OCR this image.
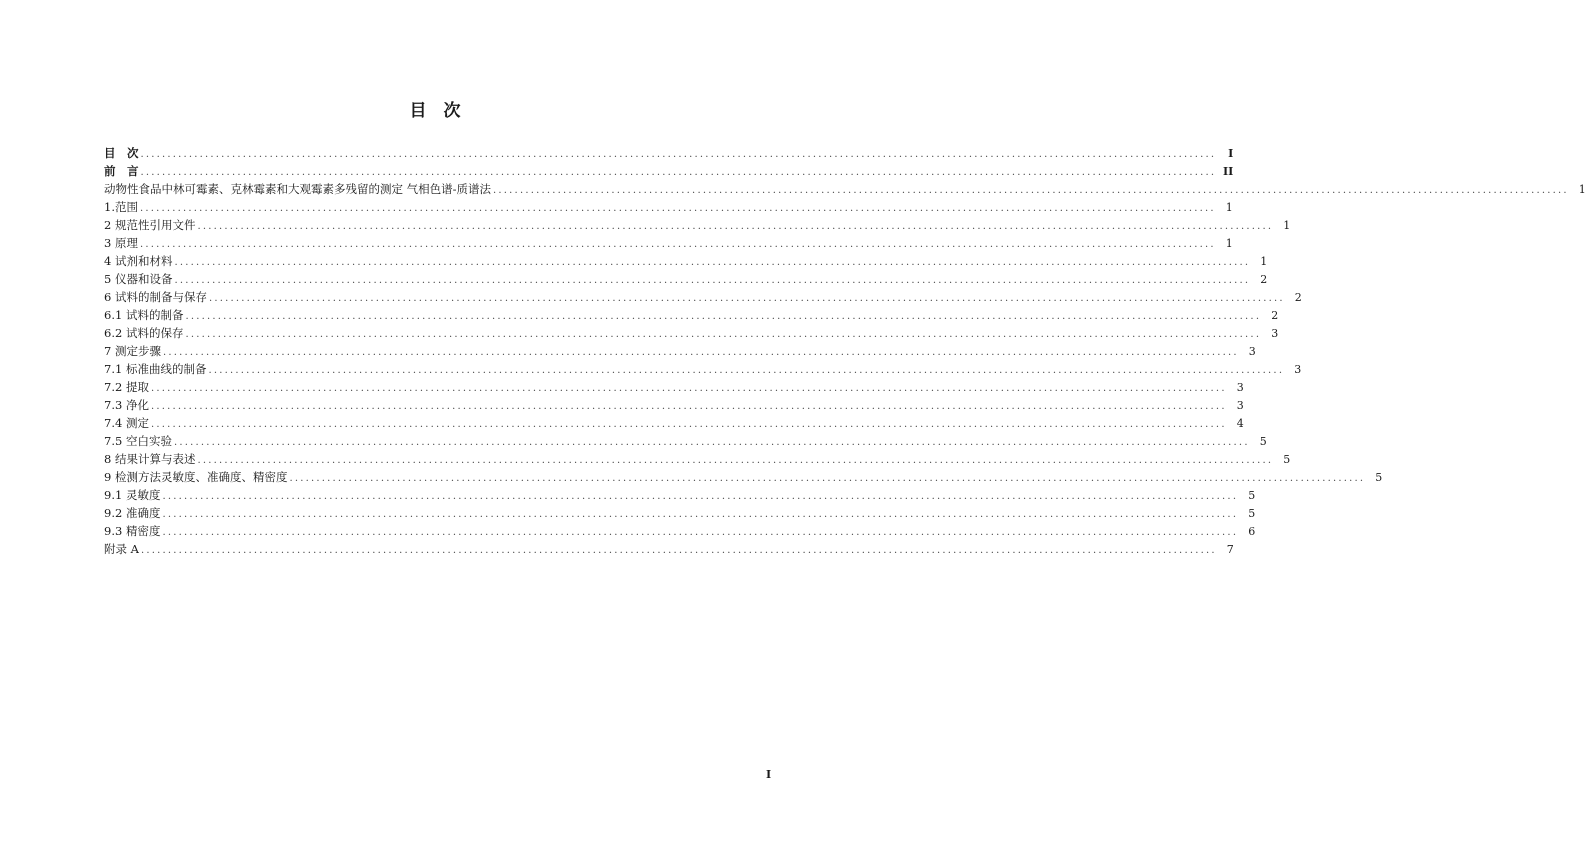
目　次
目　次 ........................................................................................................................................................................................................	I
前　言 ........................................................................................................................................................................................................ II
动物性食品中林可霉素、克林霉素和大观霉素多残留的测定 气相色谱-质谱法 ........................................................................................................................................................................................................ 1
1.范围 ........................................................................................................................................................................................................ 1
2 规范性引用文件 ........................................................................................................................................................................................................ 1
3 原理 ........................................................................................................................................................................................................ 1
4 试剂和材料 ........................................................................................................................................................................................................ 1
5 仪器和设备 ........................................................................................................................................................................................................ 2
6 试料的制备与保存 ........................................................................................................................................................................................................ 2
6.1 试料的制备 ........................................................................................................................................................................................................ 2
6.2 试料的保存 ........................................................................................................................................................................................................ 3
7 测定步骤 ........................................................................................................................................................................................................ 3
7.1 标准曲线的制备 ........................................................................................................................................................................................................ 3
7.2 提取 ........................................................................................................................................................................................................ 3
7.3 净化 ........................................................................................................................................................................................................ 3
7.4 测定 ........................................................................................................................................................................................................ 4
7.5 空白实验 ........................................................................................................................................................................................................ 5
8 结果计算与表述 ........................................................................................................................................................................................................ 5
9 检测方法灵敏度、准确度、精密度 ........................................................................................................................................................................................................ 5
9.1 灵敏度 ........................................................................................................................................................................................................ 5
9.2 准确度 ........................................................................................................................................................................................................ 5
9.3 精密度 ........................................................................................................................................................................................................ 6
附录 A ........................................................................................................................................................................................................ 7
I
